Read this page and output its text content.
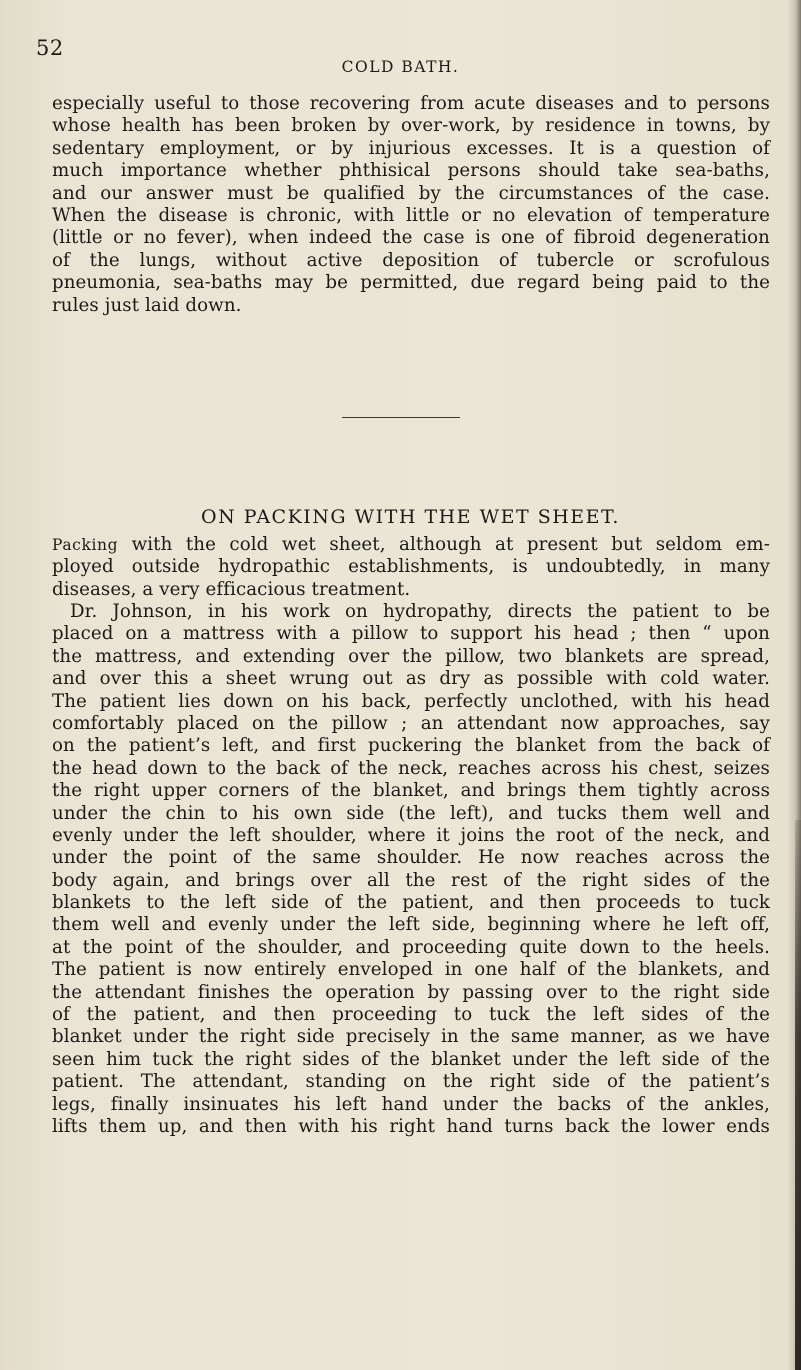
52
COLD BATH.
especially useful to those recovering from acute diseases and to persons
whose health has been broken by over-work, by residence in towns, by
sedentary employment, or by injurious excesses. It is a question of
much importance whether phthisical persons should take sea-baths,
and our answer must be qualified by the circumstances of the case.
When the disease is chronic, with little or no elevation of temperature
(little or no fever), when indeed the case is one of fibroid degeneration
of the lungs, without active deposition of tubercle or scrofulous
pneumonia, sea-baths may be permitted, due regard being paid to the
rules just laid down.
ON PACKING WITH THE WET SHEET.
Packing with the cold wet sheet, although at present but seldom em-
ployed outside hydropathic establishments, is undoubtedly, in many
diseases, a very efficacious treatment.
Dr. Johnson, in his work on hydropathy, directs the patient to be
placed on a mattress with a pillow to support his head ; then “ upon
the mattress, and extending over the pillow, two blankets are spread,
and over this a sheet wrung out as dry as possible with cold water.
The patient lies down on his back, perfectly unclothed, with his head
comfortably placed on the pillow ; an attendant now approaches, say
on the patient’s left, and first puckering the blanket from the back of
the head down to the back of the neck, reaches across his chest, seizes
the right upper corners of the blanket, and brings them tightly across
under the chin to his own side (the left), and tucks them well and
evenly under the left shoulder, where it joins the root of the neck, and
under the point of the same shoulder. He now reaches across the
body again, and brings over all the rest of the right sides of the
blankets to the left side of the patient, and then proceeds to tuck
them well and evenly under the left side, beginning where he left off,
at the point of the shoulder, and proceeding quite down to the heels.
The patient is now entirely enveloped in one half of the blankets, and
the attendant finishes the operation by passing over to the right side
of the patient, and then proceeding to tuck the left sides of the
blanket under the right side precisely in the same manner, as we have
seen him tuck the right sides of the blanket under the left side of the
patient. The attendant, standing on the right side of the patient’s
legs, finally insinuates his left hand under the backs of the ankles,
lifts them up, and then with his right hand turns back the lower ends
